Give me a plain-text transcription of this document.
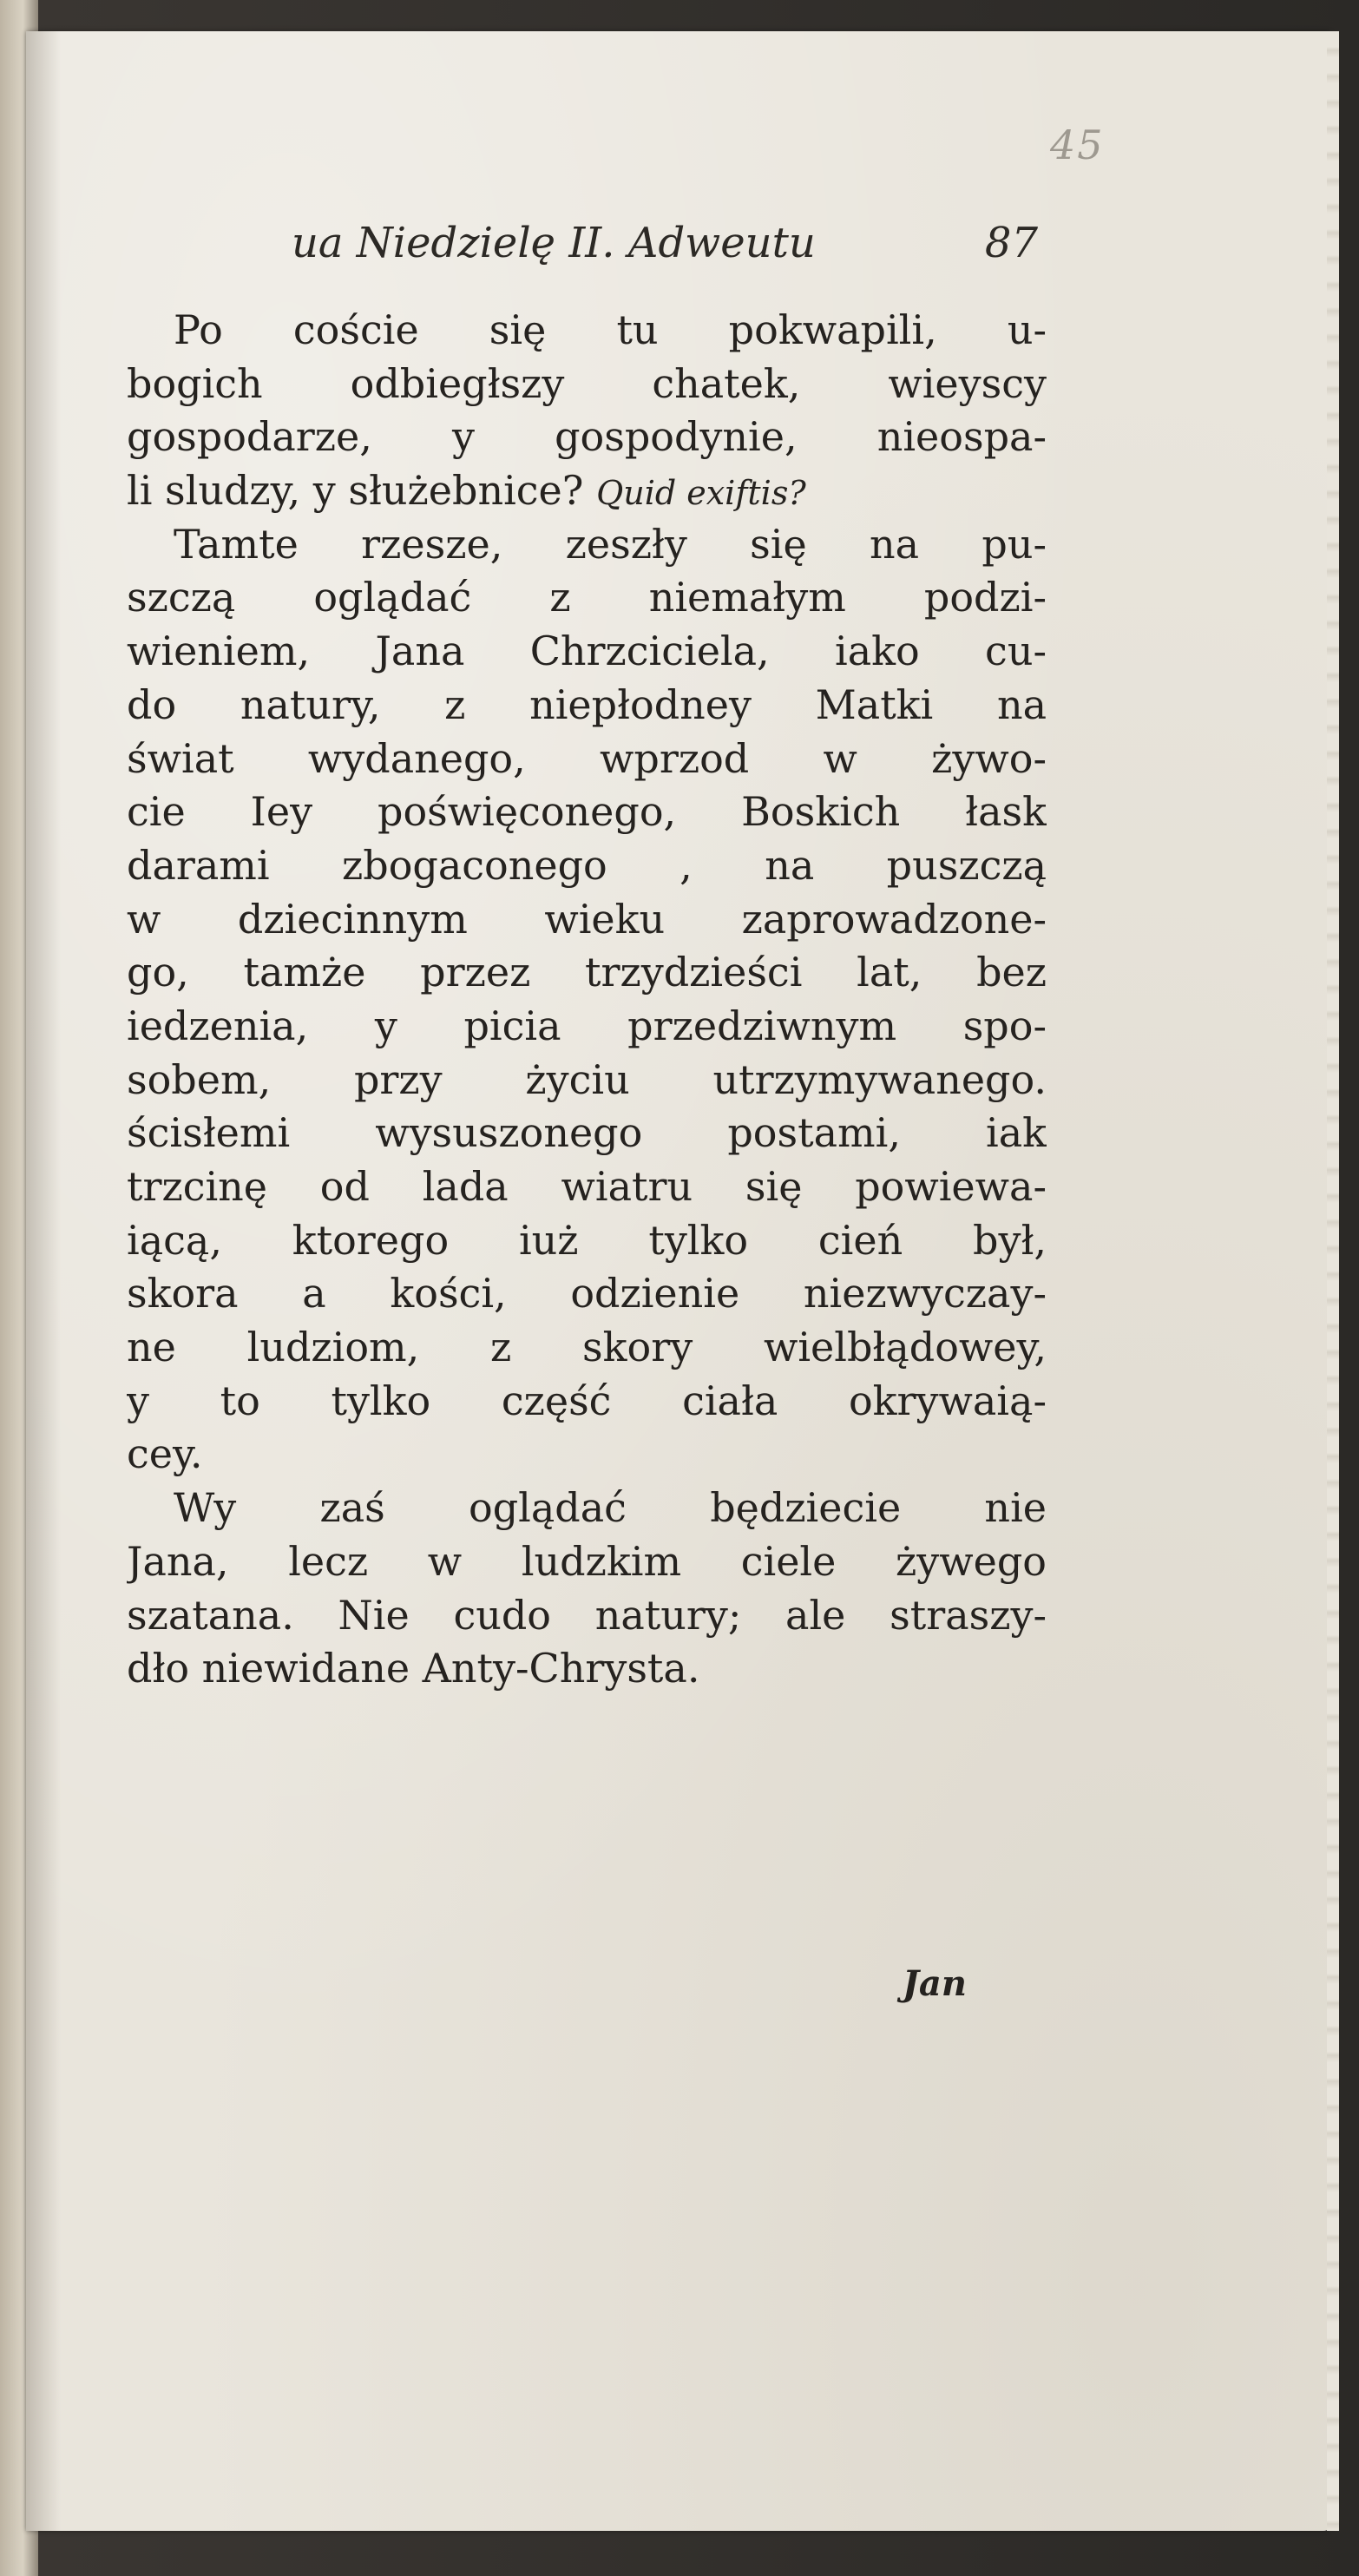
45
ua Niedzielę II. Adweutu	87
Po coście się tu pokwapili, u-
bogich odbiegłszy chatek, wieyscy
gospodarze, y gospodynie, nieospa-
li sludzy, y służebnice? Quid exiftis?
Tamte rzesze, zeszły się na pu-
szczą oglądać z niemałym podzi-
wieniem, Jana Chrzciciela, iako cu-
do natury, z niepłodney Matki na
świat wydanego, wprzod w żywo-
cie Iey poświęconego, Boskich łask
darami zbogaconego , na puszczą
w dziecinnym wieku zaprowadzone-
go, tamże przez trzydzieści lat, bez
iedzenia, y picia przedziwnym spo-
sobem, przy życiu utrzymywanego.
ścisłemi wysuszonego postami, iak
trzcinę od lada wiatru się powiewa-
iącą, ktorego iuż tylko cień był,
skora a kości, odzienie niezwyczay-
ne ludziom, z skory wielbłądowey,
y to tylko część ciała okrywaią-
cey.
Wy zaś oglądać będziecie nie
Jana, lecz w ludzkim ciele żywego
szatana. Nie cudo natury; ale straszy-
dło niewidane Anty-Chrysta.
Jan
